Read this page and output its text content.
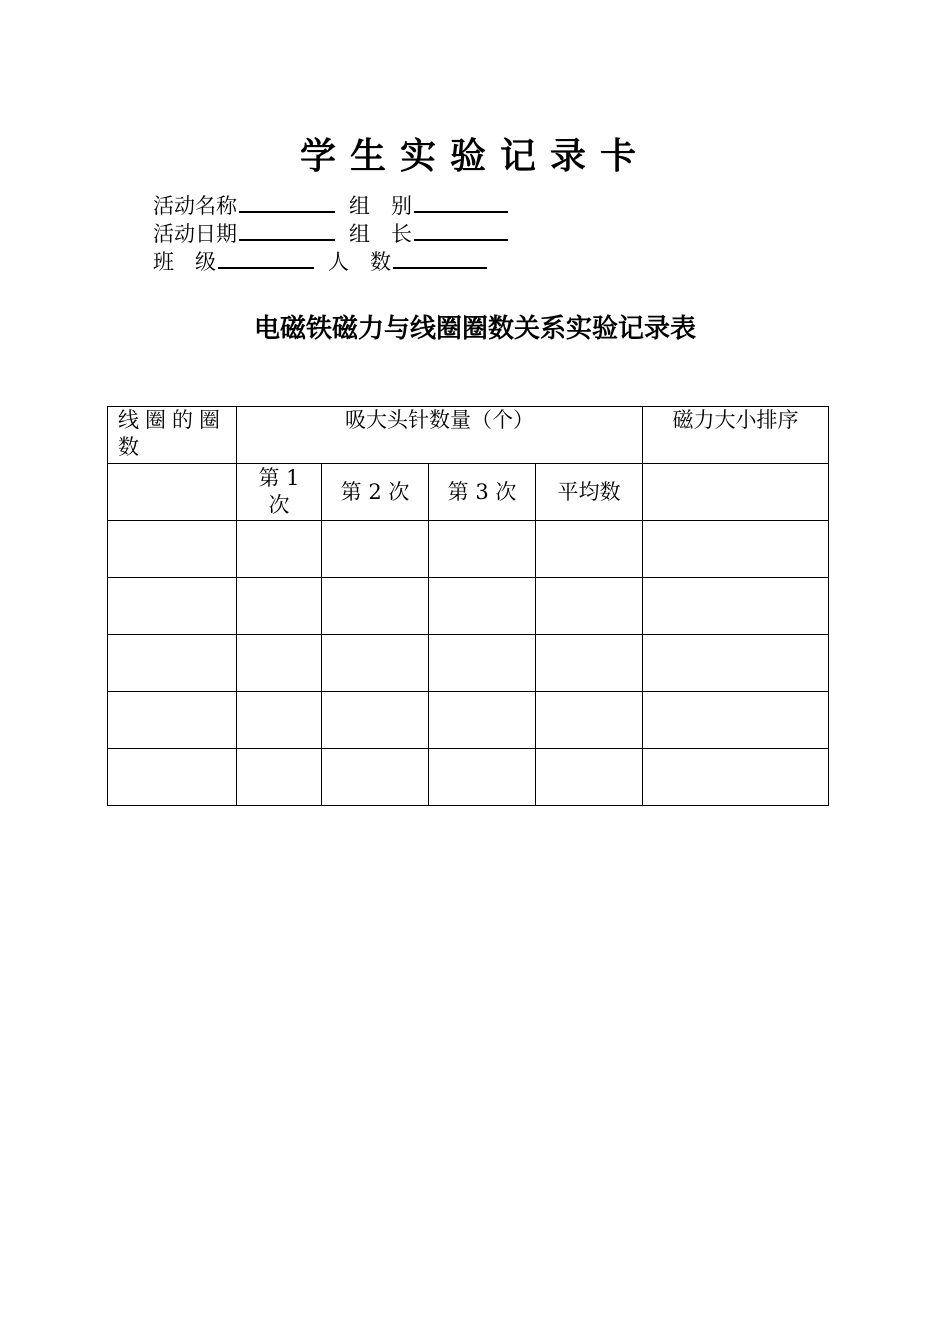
学生实验记录卡
活动名称	组　别
活动日期	组　长
班　级	人　数
电磁铁磁力与线圈圈数关系实验记录表
线圈的圈数	吸大头针数量（个）				磁力大小排序
	第 1 次	第 2 次	第 3 次	平均数	
